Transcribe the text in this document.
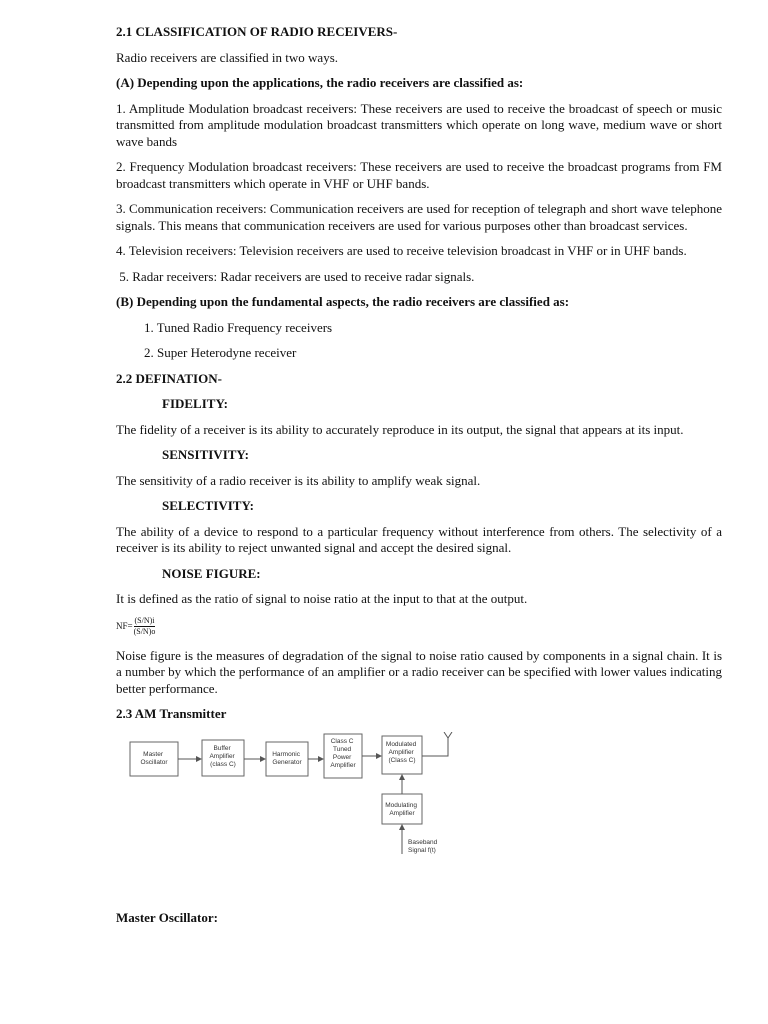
2.1 CLASSIFICATION OF RADIO RECEIVERS-

Radio receivers are classified in two ways.

(A) Depending upon the applications, the radio receivers are classified as:

1. Amplitude Modulation broadcast receivers: These receivers are used to receive the broadcast of speech or music transmitted from amplitude modulation broadcast transmitters which operate on long wave, medium wave or short wave bands

2. Frequency Modulation broadcast receivers: These receivers are used to receive the broadcast programs from FM broadcast transmitters which operate in VHF or UHF bands.

3. Communication receivers: Communication receivers are used for reception of telegraph and short wave telephone signals. This means that communication receivers are used for various purposes other than broadcast services.

4. Television receivers: Television receivers are used to receive television broadcast in VHF or in UHF bands.

5. Radar receivers: Radar receivers are used to receive radar signals.

(B) Depending upon the fundamental aspects, the radio receivers are classified as:

1. Tuned Radio Frequency receivers

2. Super Heterodyne receiver

2.2 DEFINATION-

FIDELITY:

The fidelity of a receiver is its ability to accurately reproduce in its output, the signal that appears at its input.

SENSITIVITY:

The sensitivity of a radio receiver is its ability to amplify weak signal.

SELECTIVITY:

The ability of a device to respond to a particular frequency without interference from others. The selectivity of a receiver is its ability to reject unwanted signal and accept the desired signal.

NOISE FIGURE:

It is defined as the ratio of signal to noise ratio at the input to that at the output.

$NF= \frac{(S/N)i}{(S/N)o}$

Noise figure is the measures of degradation of the signal to noise ratio caused by components in a signal chain. It is a number by which the performance of an amplifier or a radio receiver can be specified with lower values indicating better performance.

2.3 AM Transmitter

Master Oscillator
Buffer Amplifier (class C)
Harmonic Generator
Class C Tuned Power Amplifier
Modulated Amplifier (Class C)
Modulating Amplifier
Baseband Signal f(t)

Master Oscillator:
